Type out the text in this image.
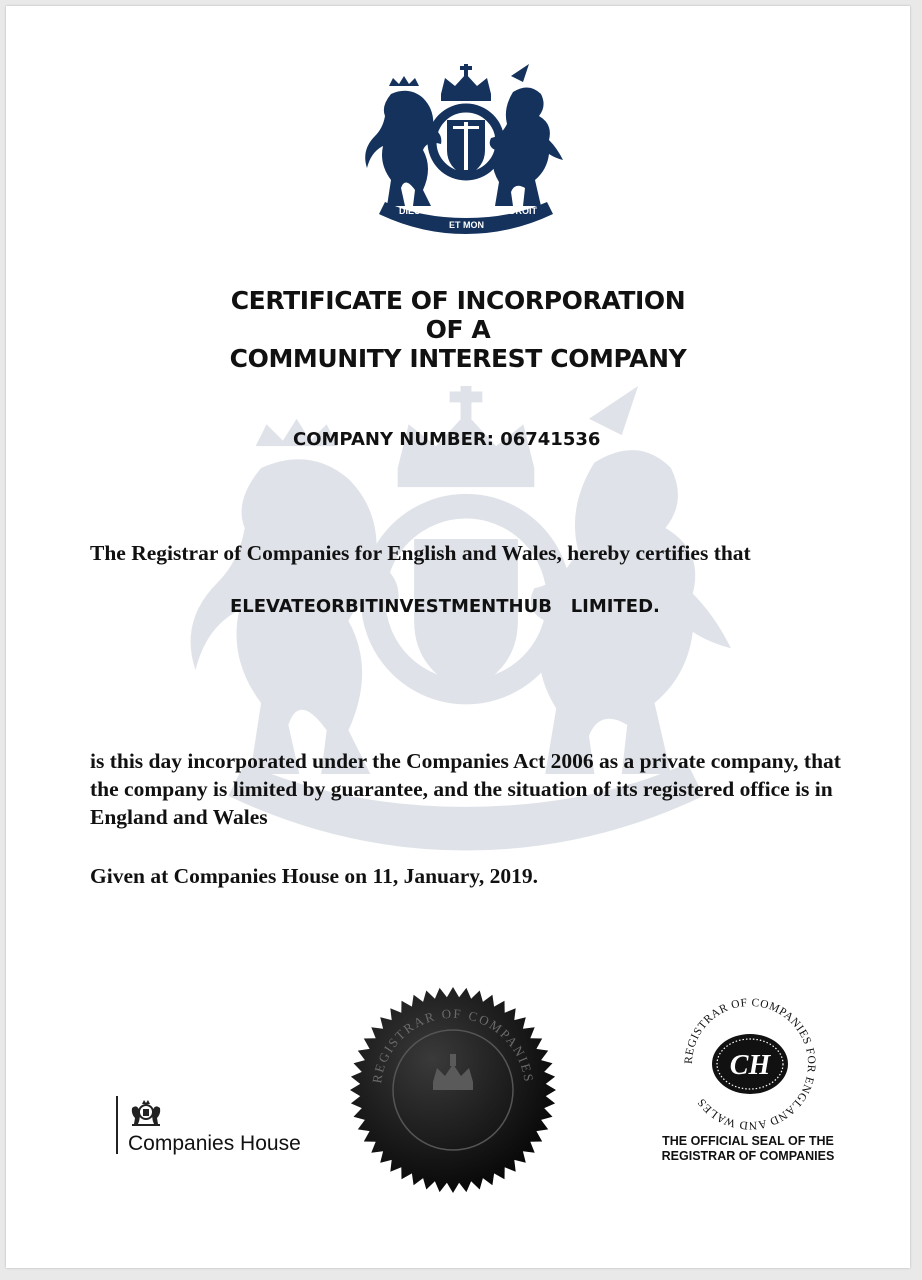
DIEU
ET MON
DROIT
CERTIFICATE OF INCORPORATION
OF A
COMMUNITY INTEREST COMPANY
COMPANY NUMBER: 06741536
The Registrar of Companies for English and Wales, hereby certifies that
ELEVATEORBITINVESTMENTHUB   LIMITED.
is this day incorporated under the Companies Act 2006 as a private company, that the company is limited by guarantee, and the situation of its registered office is in England and Wales
Given at Companies House on 11, January, 2019.
Companies House
REGISTRAR OF COMPANIES
REGISTRAR OF COMPANIES FOR ENGLAND AND WALES
CH
THE OFFICIAL SEAL OF THE
REGISTRAR OF COMPANIES
